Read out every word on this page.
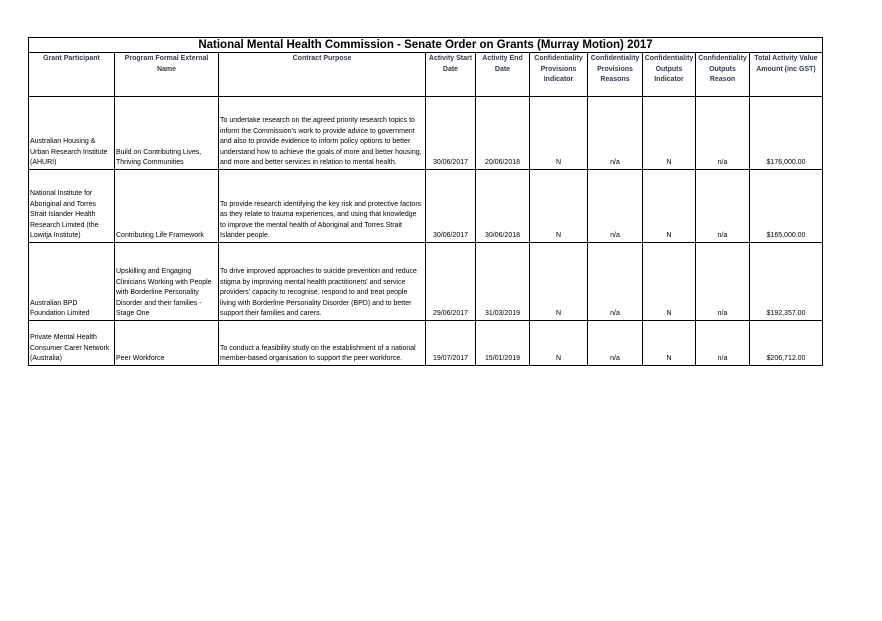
National Mental Health Commission - Senate Order on Grants (Murray Motion) 2017									
Grant Participant	Program Formal External Name	Contract Purpose	Activity Start Date	Activity End Date	Confidentiality Provisions Indicator	Confidentiality Provisions Reasons	Confidentiality Outputs Indicator	Confidentiality Outputs Reason	Total Activity Value Amount (inc GST)
Australian Housing & Urban Research Institute (AHURI)	Build on Contributing Lives, Thriving Communities	To undertake research on the agreed priority research topics to inform the Commission's work to provide advice to government and also to provide evidence to inform policy options to better understand how to achieve the goals of more and better housing, and more and better services in relation to mental health.	30/06/2017	20/06/2018	N	n/a	N	n/a	$176,000.00
National Institute for Aboriginal and Torres Strait Islander Health Research Limited (the Lowitja Institute)	Contributing Life Framework	To provide research identifying the key risk and protective factors as they relate to trauma experiences, and using that knowledge to improve the mental health of Aboriginal and Torres Strait Islander people.	30/06/2017	30/06/2018	N	n/a	N	n/a	$165,000.00
Australian BPD Foundation Limited	Upskilling and Engaging Clinicians Working with People with Borderline Personality Disorder and their families - Stage One	To drive improved approaches to suicide prevention and reduce stigma by improving mental health practitioners' and service providers' capacity to recognise, respond to and treat people living with Borderline Personality Disorder (BPD) and to better support their families and carers.	29/06/2017	31/03/2019	N	n/a	N	n/a	$192,357.00
Private Mental Health Consumer Carer Network (Australia)	Peer Workforce	To conduct a feasibility study on the establishment of a national member-based organisation to support the peer workforce.	19/07/2017	15/01/2019	N	n/a	N	n/a	$206,712.00
